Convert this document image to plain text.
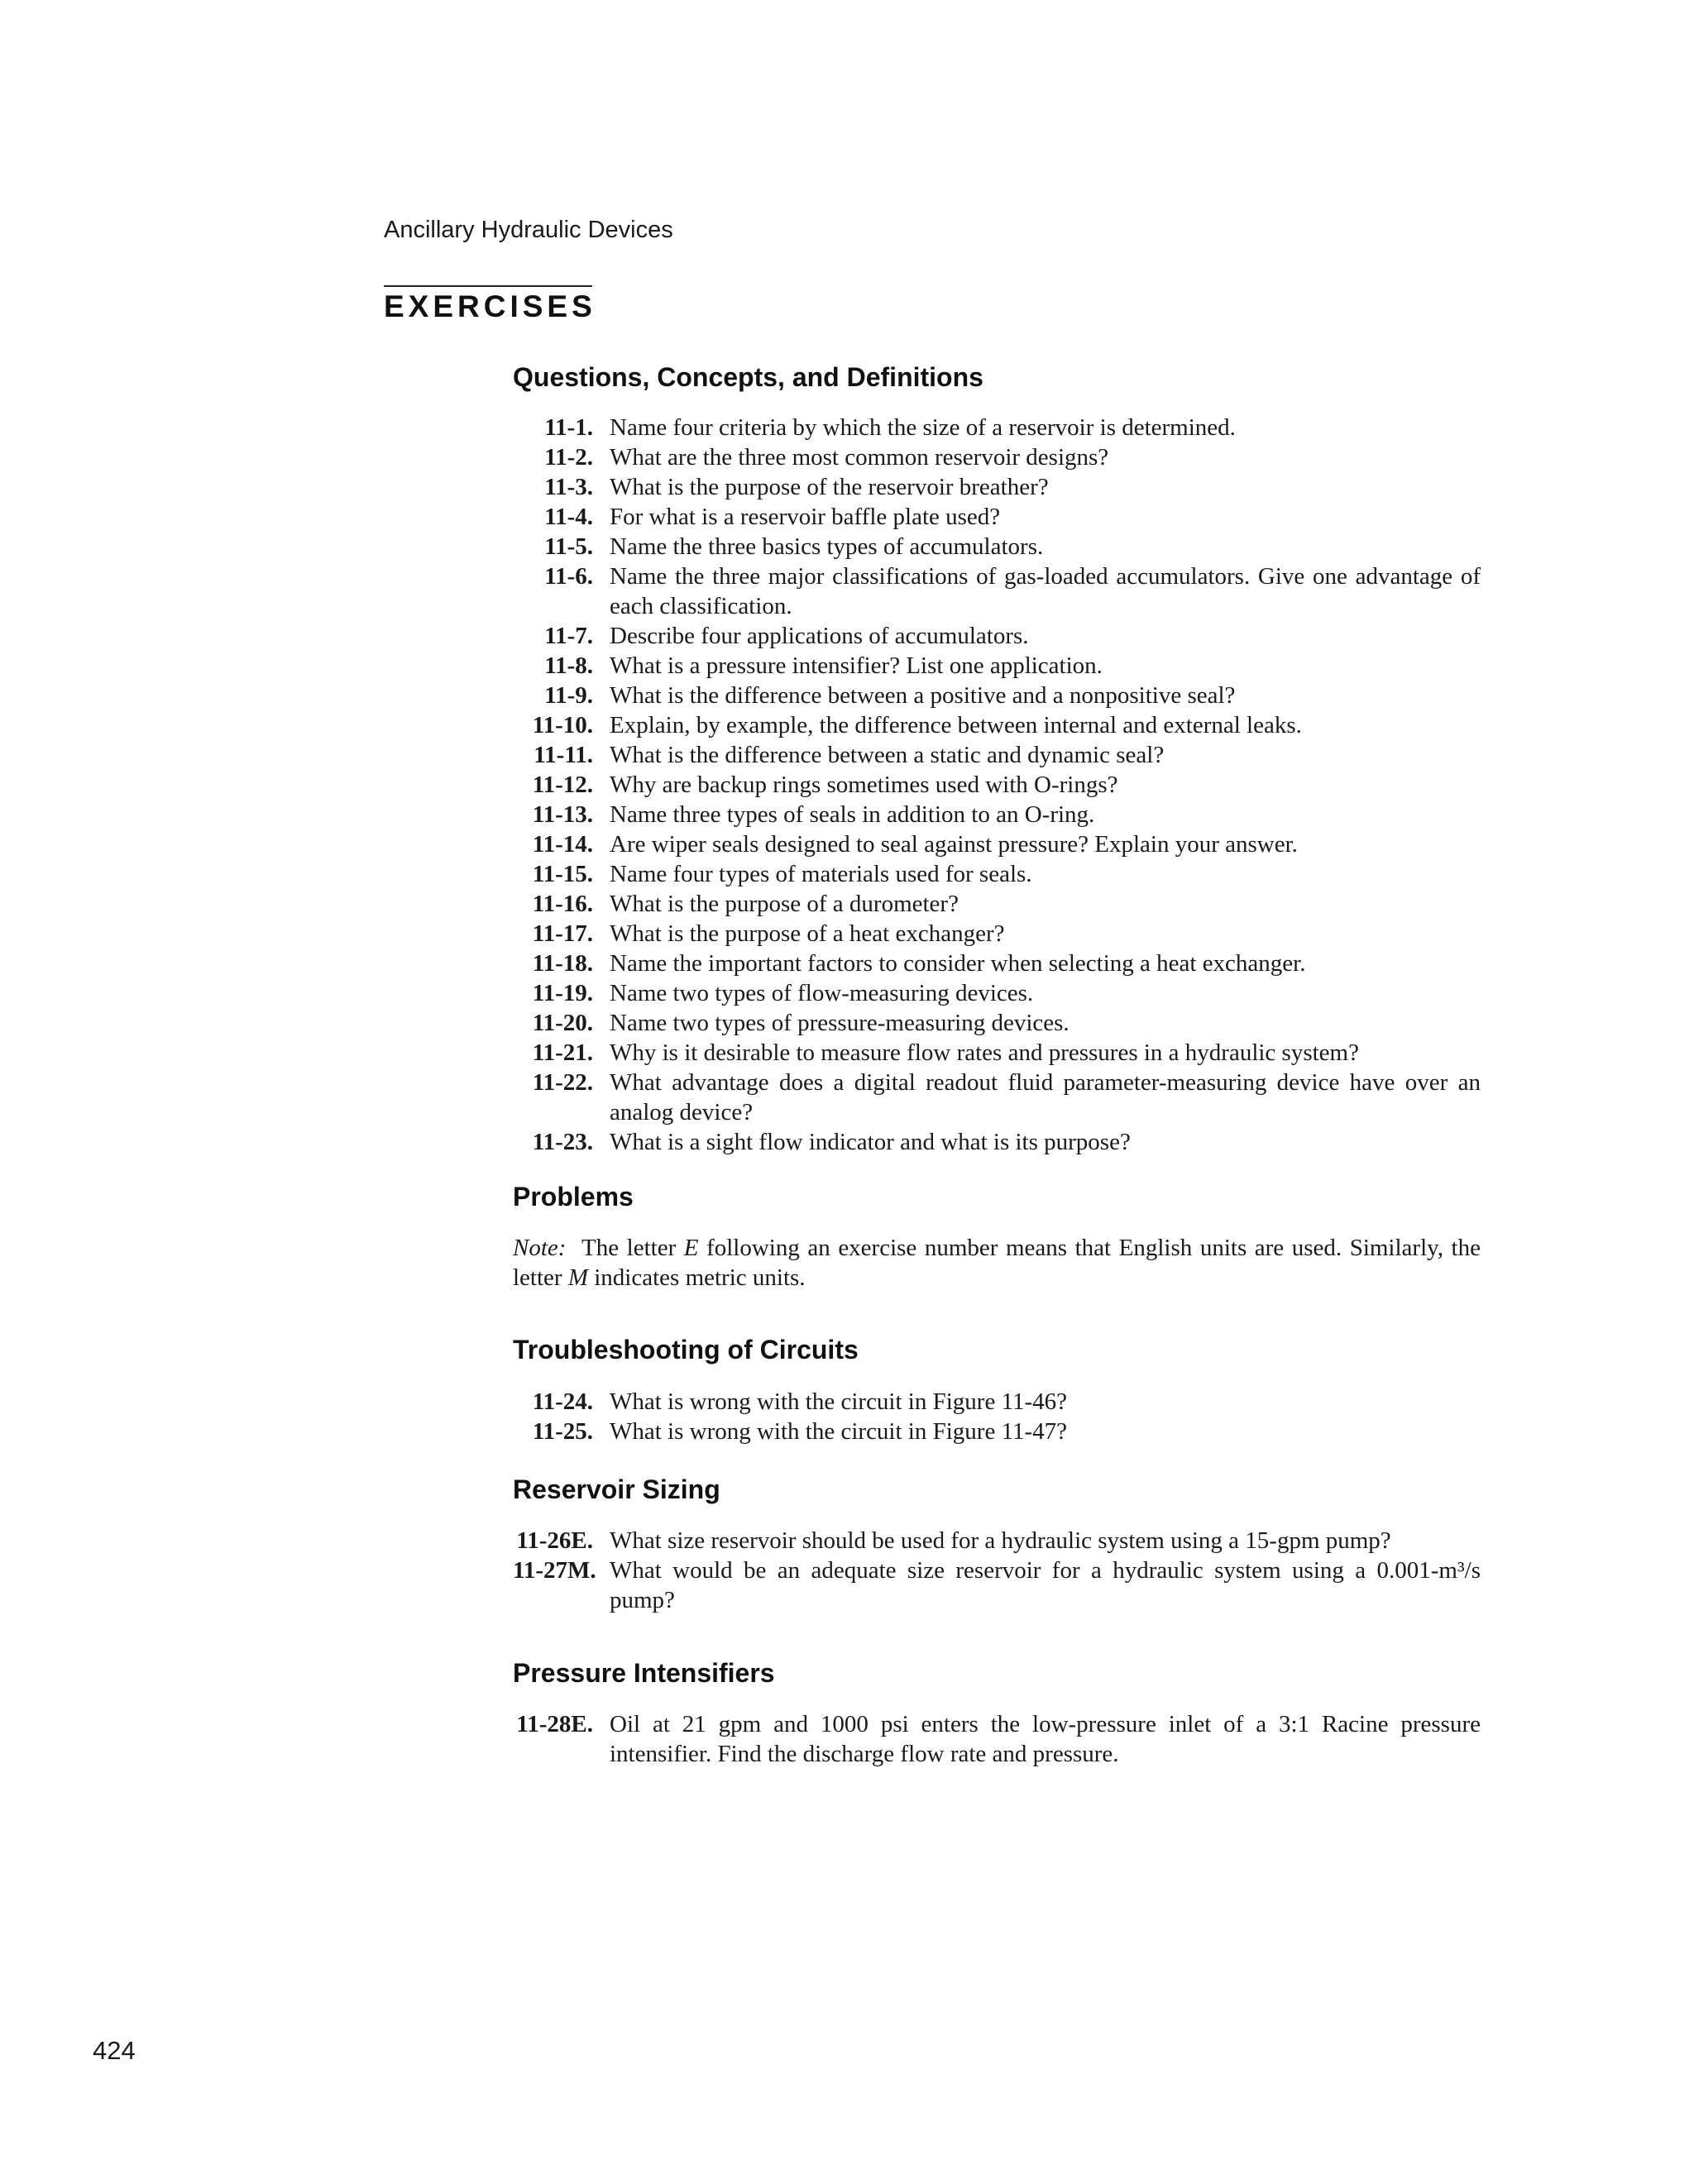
Ancillary Hydraulic Devices
EXERCISES
Questions, Concepts, and Definitions
11-1. Name four criteria by which the size of a reservoir is determined.
11-2. What are the three most common reservoir designs?
11-3. What is the purpose of the reservoir breather?
11-4. For what is a reservoir baffle plate used?
11-5. Name the three basics types of accumulators.
11-6. Name the three major classifications of gas-loaded accumulators. Give one advantage of each classification.
11-7. Describe four applications of accumulators.
11-8. What is a pressure intensifier? List one application.
11-9. What is the difference between a positive and a nonpositive seal?
11-10. Explain, by example, the difference between internal and external leaks.
11-11. What is the difference between a static and dynamic seal?
11-12. Why are backup rings sometimes used with O-rings?
11-13. Name three types of seals in addition to an O-ring.
11-14. Are wiper seals designed to seal against pressure? Explain your answer.
11-15. Name four types of materials used for seals.
11-16. What is the purpose of a durometer?
11-17. What is the purpose of a heat exchanger?
11-18. Name the important factors to consider when selecting a heat exchanger.
11-19. Name two types of flow-measuring devices.
11-20. Name two types of pressure-measuring devices.
11-21. Why is it desirable to measure flow rates and pressures in a hydraulic system?
11-22. What advantage does a digital readout fluid parameter-measuring device have over an analog device?
11-23. What is a sight flow indicator and what is its purpose?
Problems
Note: The letter E following an exercise number means that English units are used. Similarly, the letter M indicates metric units.
Troubleshooting of Circuits
11-24. What is wrong with the circuit in Figure 11-46?
11-25. What is wrong with the circuit in Figure 11-47?
Reservoir Sizing
11-26E. What size reservoir should be used for a hydraulic system using a 15-gpm pump?
11-27M. What would be an adequate size reservoir for a hydraulic system using a 0.001-m³/s pump?
Pressure Intensifiers
11-28E. Oil at 21 gpm and 1000 psi enters the low-pressure inlet of a 3:1 Racine pressure intensifier. Find the discharge flow rate and pressure.
424
